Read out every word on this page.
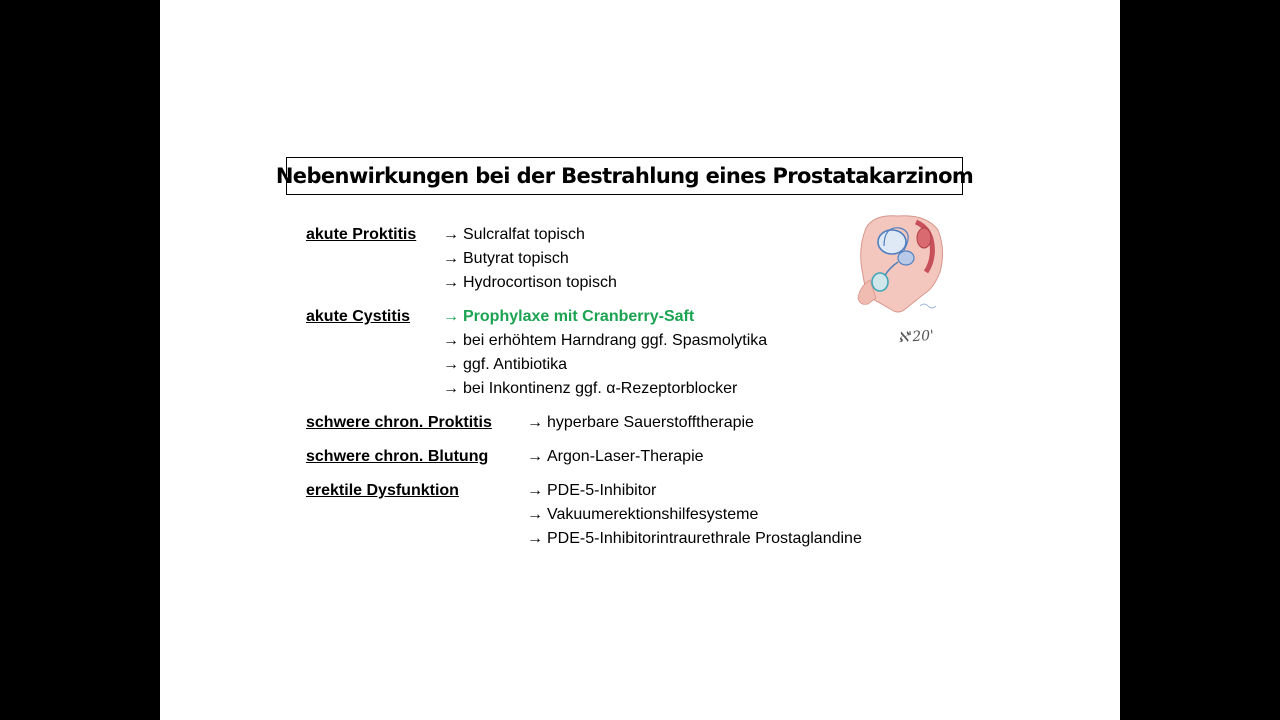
Nebenwirkungen bei der Bestrahlung eines Prostatakarzinom
akute Proktitis → Sulcralfat topisch
→ Butyrat topisch
→ Hydrocortison topisch
akute Cystitis → Prophylaxe mit Cranberry-Saft
→ bei erhöhtem Harndrang ggf. Spasmolytika
→ ggf. Antibiotika
→ bei Inkontinenz ggf. α-Rezeptorblocker
schwere chron. Proktitis → hyperbare Sauerstofftherapie
schwere chron. Blutung → Argon-Laser-Therapie
erektile Dysfunktion	→ PDE-5-Inhibitor
→ Vakuumerektionshilfesysteme
→ PDE-5-Inhibitorintraurethrale Prostaglandine
ℵ'20'
